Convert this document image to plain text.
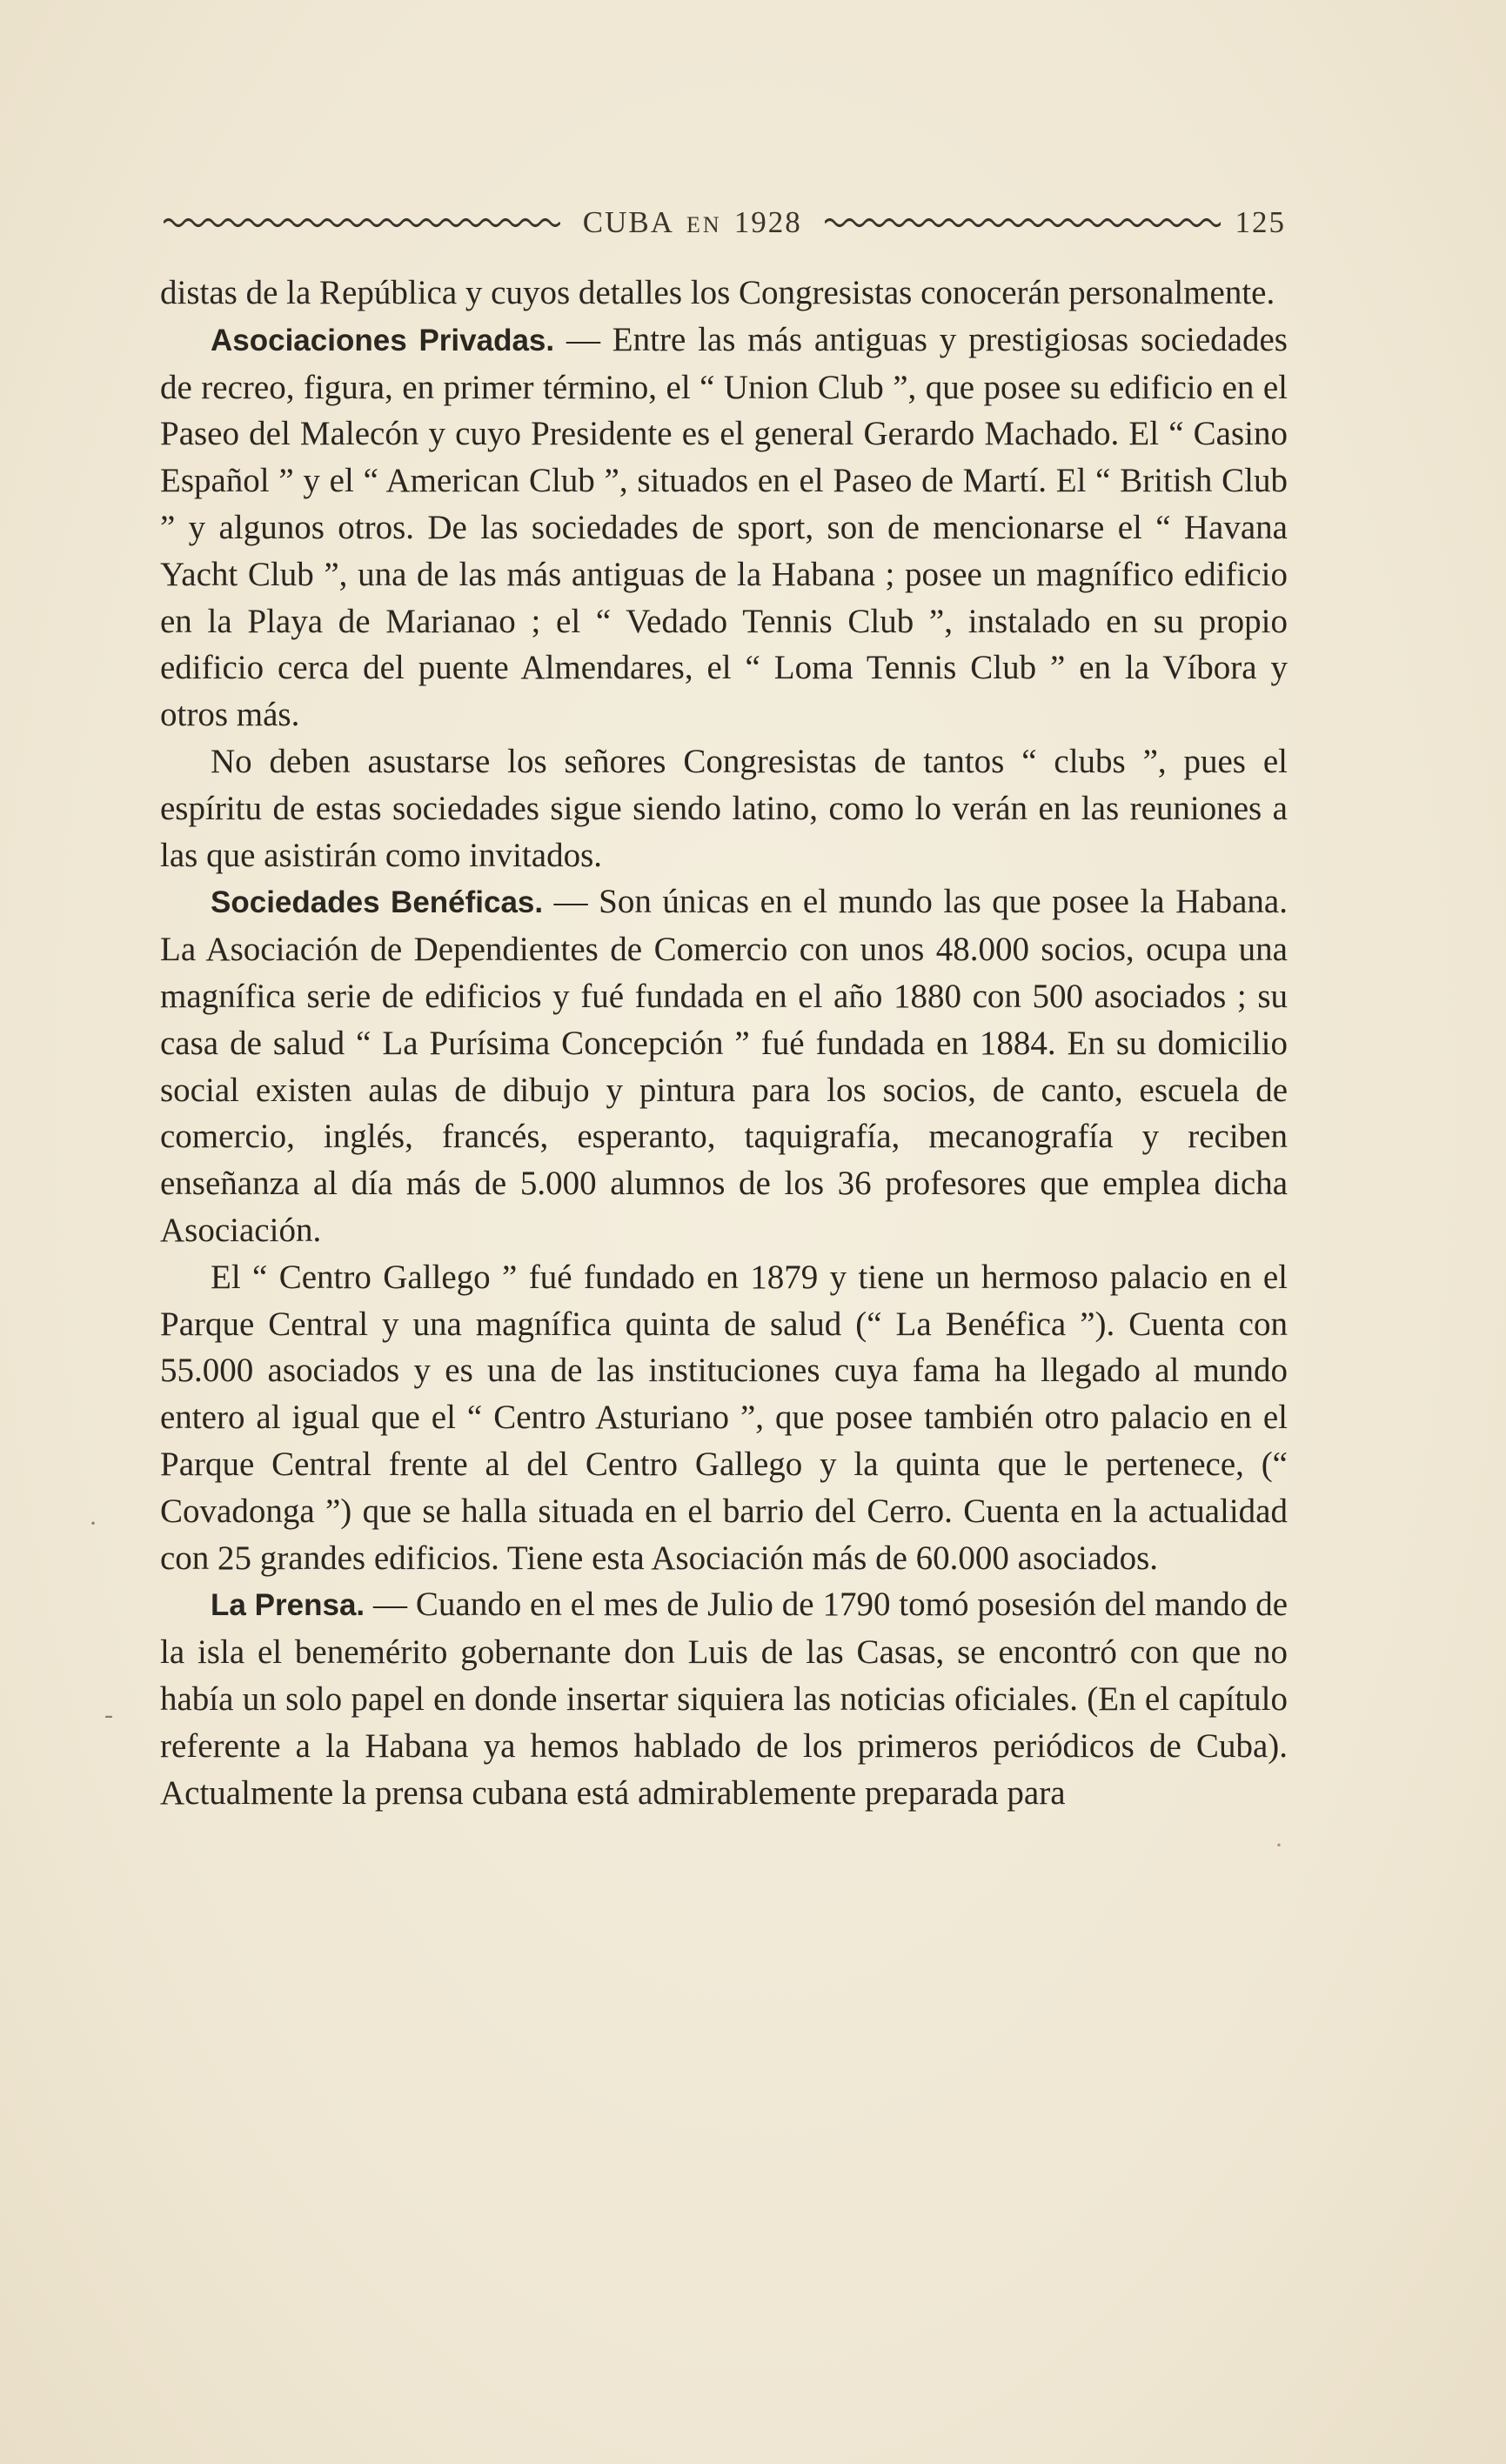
CUBA EN 1928	125

distas de la República y cuyos detalles los Congresistas conocerán personalmente.

Asociaciones Privadas. — Entre las más antiguas y prestigiosas sociedades de recreo, figura, en primer término, el “ Union Club ”, que posee su edificio en el Paseo del Malecón y cuyo Presidente es el general Gerardo Machado. El “ Casino Español ” y el “ American Club ”, situados en el Paseo de Martí. El “ British Club ” y algunos otros. De las sociedades de sport, son de mencionarse el “ Havana Yacht Club ”, una de las más antiguas de la Habana ; posee un magnífico edificio en la Playa de Marianao ; el “ Vedado Tennis Club ”, instalado en su propio edificio cerca del puente Almendares, el “ Loma Tennis Club ” en la Víbora y otros más.

No deben asustarse los señores Congresistas de tantos “ clubs ”, pues el espíritu de estas sociedades sigue siendo latino, como lo verán en las reuniones a las que asistirán como invitados.

Sociedades Benéficas. — Son únicas en el mundo las que posee la Habana. La Asociación de Dependientes de Comercio con unos 48.000 socios, ocupa una magnífica serie de edificios y fué fundada en el año 1880 con 500 asociados ; su casa de salud “ La Purísima Concepción ” fué fundada en 1884. En su domicilio social existen aulas de dibujo y pintura para los socios, de canto, escuela de comercio, inglés, francés, esperanto, taquigrafía, mecanografía y reciben enseñanza al día más de 5.000 alumnos de los 36 profesores que emplea dicha Asociación.

El “ Centro Gallego ” fué fundado en 1879 y tiene un hermoso palacio en el Parque Central y una magnífica quinta de salud (“ La Benéfica ”). Cuenta con 55.000 asociados y es una de las instituciones cuya fama ha llegado al mundo entero al igual que el “ Centro Asturiano ”, que posee también otro palacio en el Parque Central frente al del Centro Gallego y la quinta que le pertenece, (“ Covadonga ”) que se halla situada en el barrio del Cerro. Cuenta en la actualidad con 25 grandes edificios. Tiene esta Asociación más de 60.000 asociados.

La Prensa. — Cuando en el mes de Julio de 1790 tomó posesión del mando de la isla el benemérito gobernante don Luis de las Casas, se encontró con que no había un solo papel en donde insertar siquiera las noticias oficiales. (En el capítulo referente a la Habana ya hemos hablado de los primeros periódicos de Cuba). Actualmente la prensa cubana está admirablemente preparada para

·
-
·
